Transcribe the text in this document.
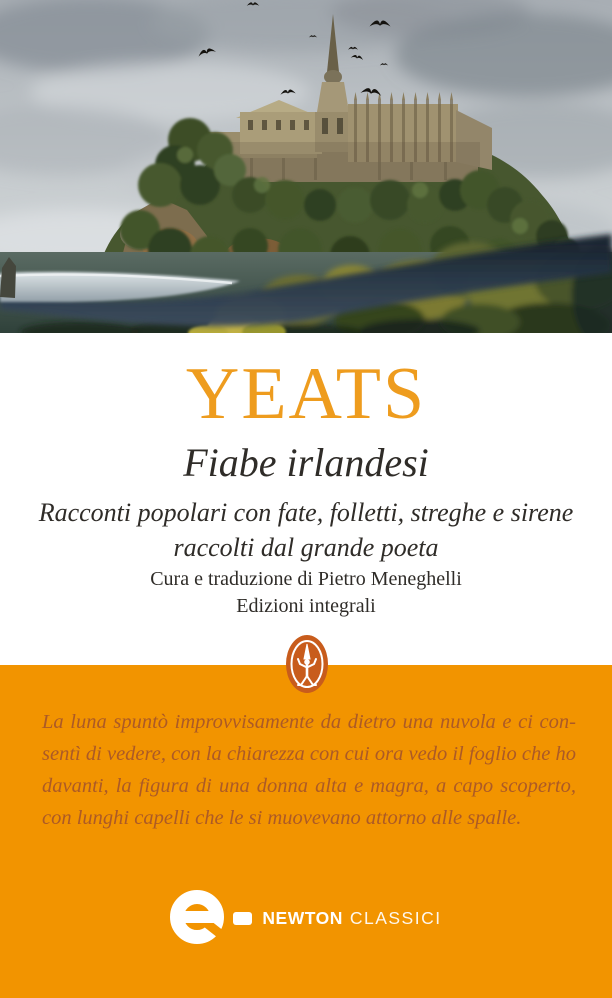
YEATS
Fiabe irlandesi
Racconti popolari con fate, folletti, streghe e sirene
raccolti dal grande poeta
Cura e traduzione di Pietro Meneghelli
Edizioni integrali
La luna spuntò improvvisamente da dietro una nuvola e ci con-
sentì di vedere, con la chiarezza con cui ora vedo il foglio che ho
davanti, la figura di una donna alta e magra, a capo scoperto,
con lunghi capelli che le si muovevano attorno alle spalle.
NEWTON CLASSICI
